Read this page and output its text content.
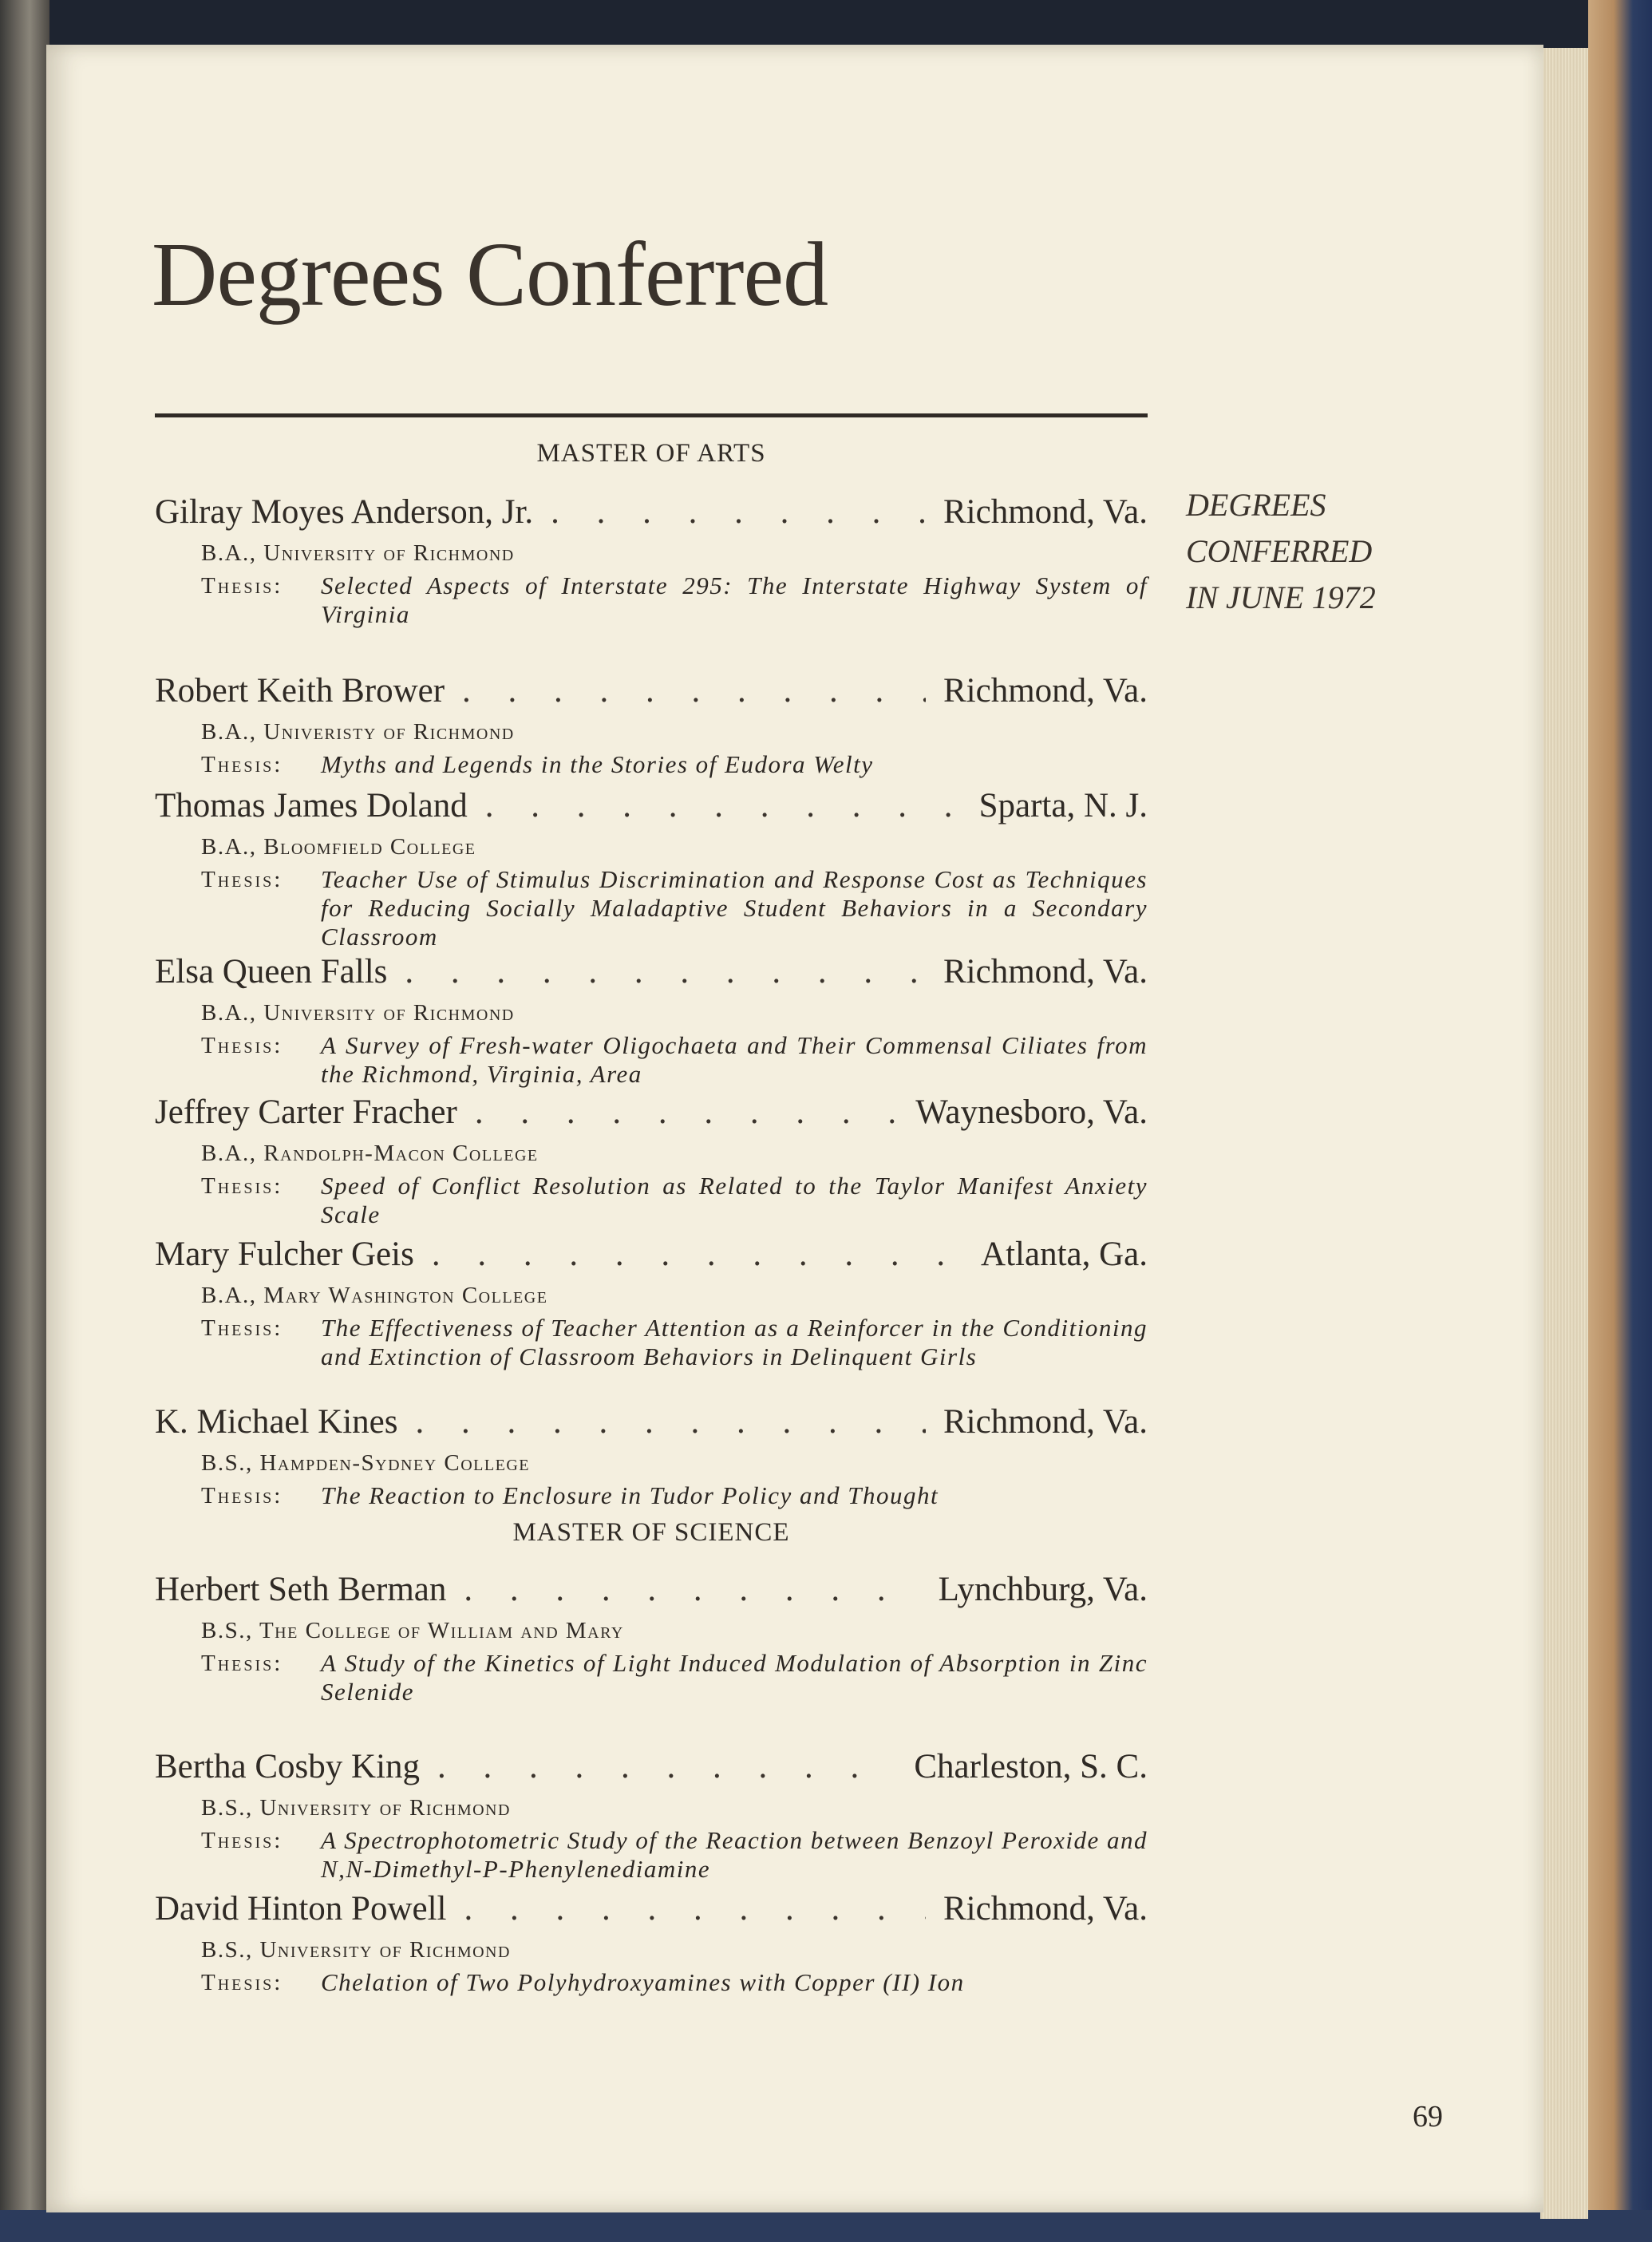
Degrees Conferred
DEGREES
CONFERRED
IN JUNE 1972
MASTER OF ARTS
Gilray Moyes Anderson, Jr. . . .	Richmond, Va.
B.A., University of Richmond
Thesis:	Selected Aspects of Interstate 295: The Interstate Highway System of Virginia
Robert Keith Brower . . .	Richmond, Va.
B.A., Univeristy of Richmond
Thesis:	Myths and Legends in the Stories of Eudora Welty
Thomas James Doland . . .	Sparta, N. J.
B.A., Bloomfield College
Thesis:	Teacher Use of Stimulus Discrimination and Response Cost as Techniques for Reducing Socially Maladaptive Student Behaviors in a Secondary Classroom
Elsa Queen Falls . . .	Richmond, Va.
B.A., University of Richmond
Thesis:	A Survey of Fresh-water Oligochaeta and Their Commensal Ciliates from the Richmond, Virginia, Area
Jeffrey Carter Fracher . . .	Waynesboro, Va.
B.A., Randolph-Macon College
Thesis:	Speed of Conflict Resolution as Related to the Taylor Manifest Anxiety Scale
Mary Fulcher Geis . . .	Atlanta, Ga.
B.A., Mary Washington College
Thesis:	The Effectiveness of Teacher Attention as a Reinforcer in the Conditioning and Extinction of Classroom Behaviors in Delinquent Girls
K. Michael Kines . . .	Richmond, Va.
B.S., Hampden-Sydney College
Thesis:	The Reaction to Enclosure in Tudor Policy and Thought
MASTER OF SCIENCE
Herbert Seth Berman . . .	Lynchburg, Va.
B.S., The College of William and Mary
Thesis:	A Study of the Kinetics of Light Induced Modulation of Absorption in Zinc Selenide
Bertha Cosby King . . .	Charleston, S. C.
B.S., University of Richmond
Thesis:	A Spectrophotometric Study of the Reaction between Benzoyl Peroxide and N,N-Dimethyl-P-Phenylenediamine
David Hinton Powell . . .	Richmond, Va.
B.S., University of Richmond
Thesis:	Chelation of Two Polyhydroxyamines with Copper (II) Ion
69
